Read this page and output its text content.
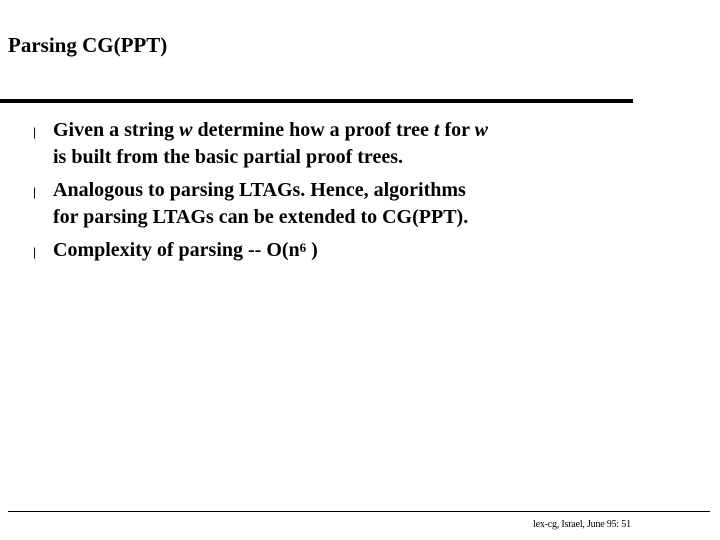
Parsing CG(PPT)
l Given a string w determine how a proof tree t for w
is built from the basic partial proof trees.
l Analogous to parsing LTAGs. Hence, algorithms
for parsing LTAGs can be extended to CG(PPT).
l Complexity of parsing -- $O(n^6$ )
lex-cg, Israel, June 95: 51
